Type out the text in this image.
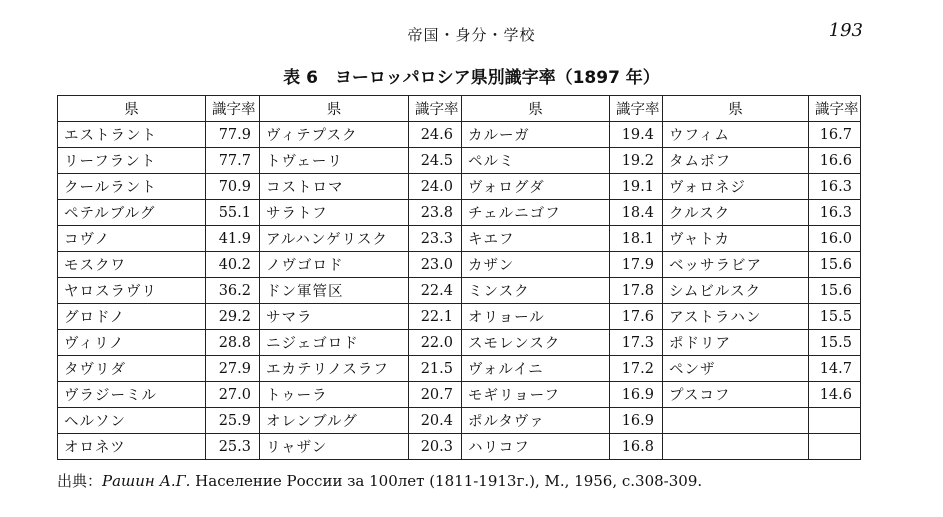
帝国・身分・学校	193
表 6　ヨーロッパロシア県別識字率（1897 年）
県	識字率	県	識字率	県	識字率	県	識字率
エストラント	77.9	ヴィテプスク	24.6	カルーガ	19.4	ウフィム	16.7
リーフラント	77.7	トヴェーリ	24.5	ペルミ	19.2	タムボフ	16.6
クールラント	70.9	コストロマ	24.0	ヴォログダ	19.1	ヴォロネジ	16.3
ペテルブルグ	55.1	サラトフ	23.8	チェルニゴフ	18.4	クルスク	16.3
コヴノ	41.9	アルハンゲリスク	23.3	キエフ	18.1	ヴャトカ	16.0
モスクワ	40.2	ノヴゴロド	23.0	カザン	17.9	ベッサラビア	15.6
ヤロスラヴリ	36.2	ドン軍管区	22.4	ミンスク	17.8	シムビルスク	15.6
グロドノ	29.2	サマラ	22.1	オリョール	17.6	アストラハン	15.5
ヴィリノ	28.8	ニジェゴロド	22.0	スモレンスク	17.3	ポドリア	15.5
タヴリダ	27.9	エカテリノスラフ	21.5	ヴォルイニ	17.2	ペンザ	14.7
ヴラジーミル	27.0	トゥーラ	20.7	モギリョーフ	16.9	プスコフ	14.6
ヘルソン	25.9	オレンブルグ	20.4	ポルタヴァ	16.9		
オロネツ	25.3	リャザン	20.3	ハリコフ	16.8		
出典：Рашин А.Г. Население России за 100лет (1811-1913г.), М., 1956, с.308-309.
